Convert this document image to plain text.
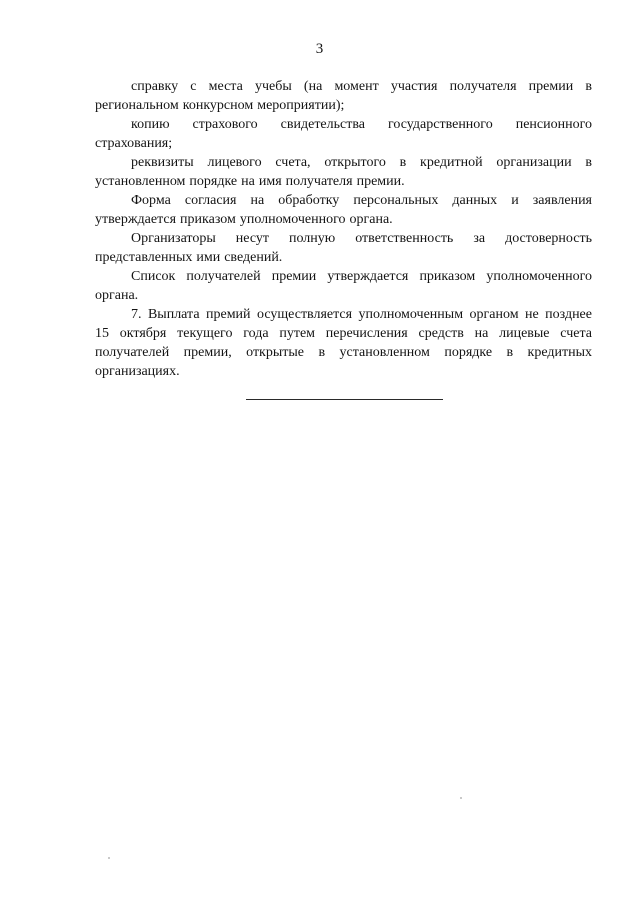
3

справку с места учебы (на момент участия получателя премии в региональном конкурсном мероприятии);

копию страхового свидетельства государственного пенсионного страхования;

реквизиты лицевого счета, открытого в кредитной организации в установленном порядке на имя получателя премии.

Форма согласия на обработку персональных данных и заявления утверждается приказом уполномоченного органа.

Организаторы несут полную ответственность за достоверность представленных ими сведений.

Список получателей премии утверждается приказом уполномоченного органа.

7. Выплата премий осуществляется уполномоченным органом не позднее 15 октября текущего года путем перечисления средств на лицевые счета получателей премии, открытые в установленном порядке в кредитных организациях.
